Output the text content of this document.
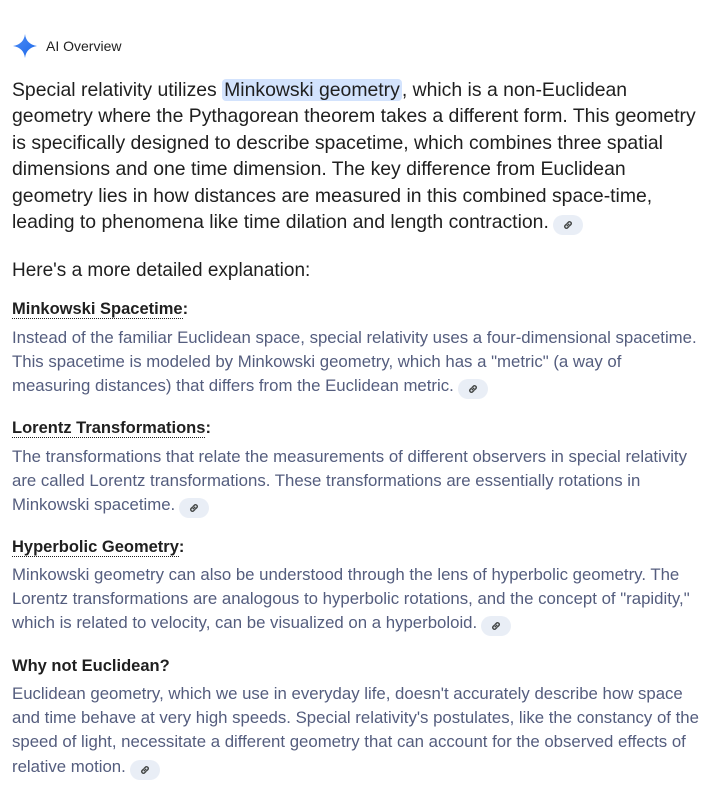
AI Overview

Special relativity utilizes Minkowski geometry , which is a non-Euclidean geometry where the Pythagorean theorem takes a different form. This geometry is specifically designed to describe spacetime, which combines three spatial dimensions and one time dimension. The key difference from Euclidean geometry lies in how distances are measured in this combined space-time, leading to phenomena like time dilation and length contraction.

Here's a more detailed explanation:

Minkowski Spacetime:

Instead of the familiar Euclidean space, special relativity uses a four-dimensional spacetime. This spacetime is modeled by Minkowski geometry, which has a "metric" (a way of measuring distances) that differs from the Euclidean metric.

Lorentz Transformations:

The transformations that relate the measurements of different observers in special relativity are called Lorentz transformations. These transformations are essentially rotations in Minkowski spacetime.

Hyperbolic Geometry:

Minkowski geometry can also be understood through the lens of hyperbolic geometry. The Lorentz transformations are analogous to hyperbolic rotations, and the concept of "rapidity," which is related to velocity, can be visualized on a hyperboloid.

Why not Euclidean?

Euclidean geometry, which we use in everyday life, doesn't accurately describe how space and time behave at very high speeds. Special relativity's postulates, like the constancy of the speed of light, necessitate a different geometry that can account for the observed effects of relative motion.
